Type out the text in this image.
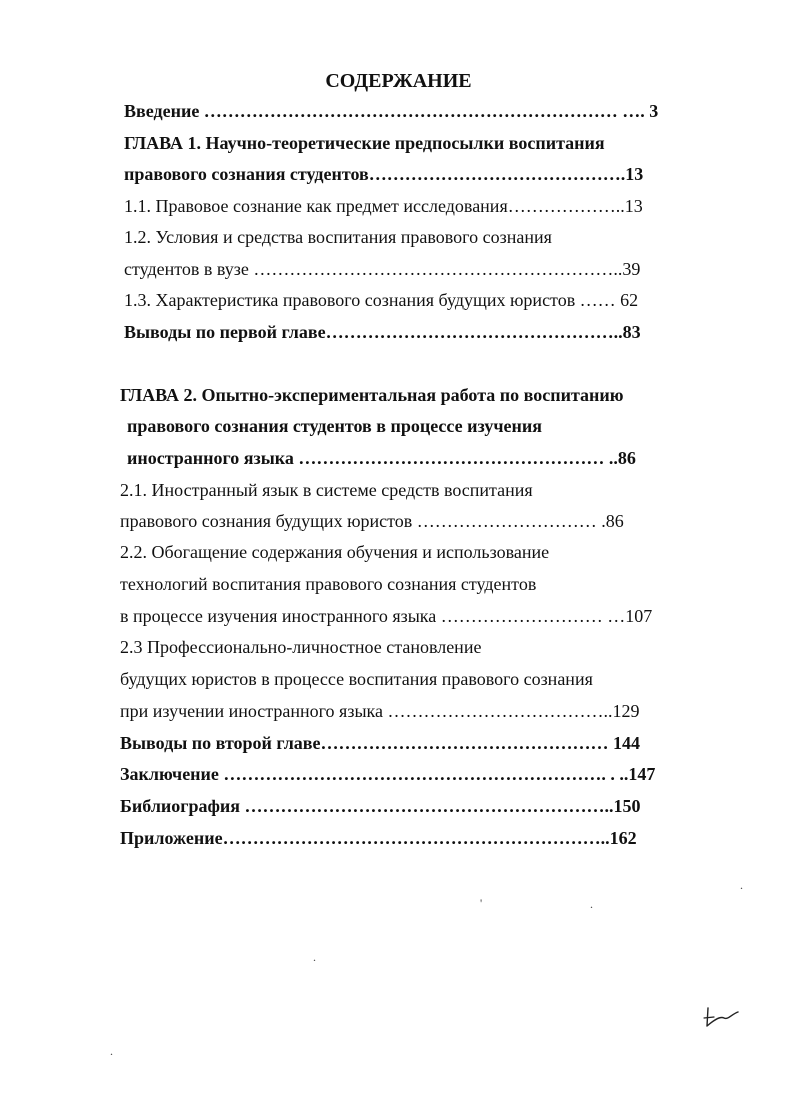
СОДЕРЖАНИЕ
Введение …………………………………………………………… …. 3
ГЛАВА 1. Научно-теоретические предпосылки воспитания
правового сознания студентов…………………………………….13
1.1. Правовое сознание как предмет исследования………………..13
1.2. Условия и средства воспитания правового сознания
студентов в вузе ……………………………………………………..39
1.3. Характеристика правового сознания будущих юристов …… 62
Выводы по первой главе…………………………………………..83
ГЛАВА 2. Опытно-экспериментальная работа по воспитанию
правового сознания студентов в процессе изучения
иностранного языка …………………………………………… ..86
2.1. Иностранный язык в системе средств воспитания
правового сознания будущих юристов ………………………… .86
2.2. Обогащение содержания обучения и использование
технологий воспитания правового сознания студентов
в процессе изучения иностранного языка ……………………… …107
2.3 Профессионально-личностное становление
будущих юристов в процессе воспитания правового сознания
при изучении иностранного языка ………………………………..129
Выводы по второй главе………………………………………… 144
Заключение ………………………………………………………. . ..147
Библиография ……………………………………………………..150
Приложение………………………………………………………..162
.
'	.
.
.
